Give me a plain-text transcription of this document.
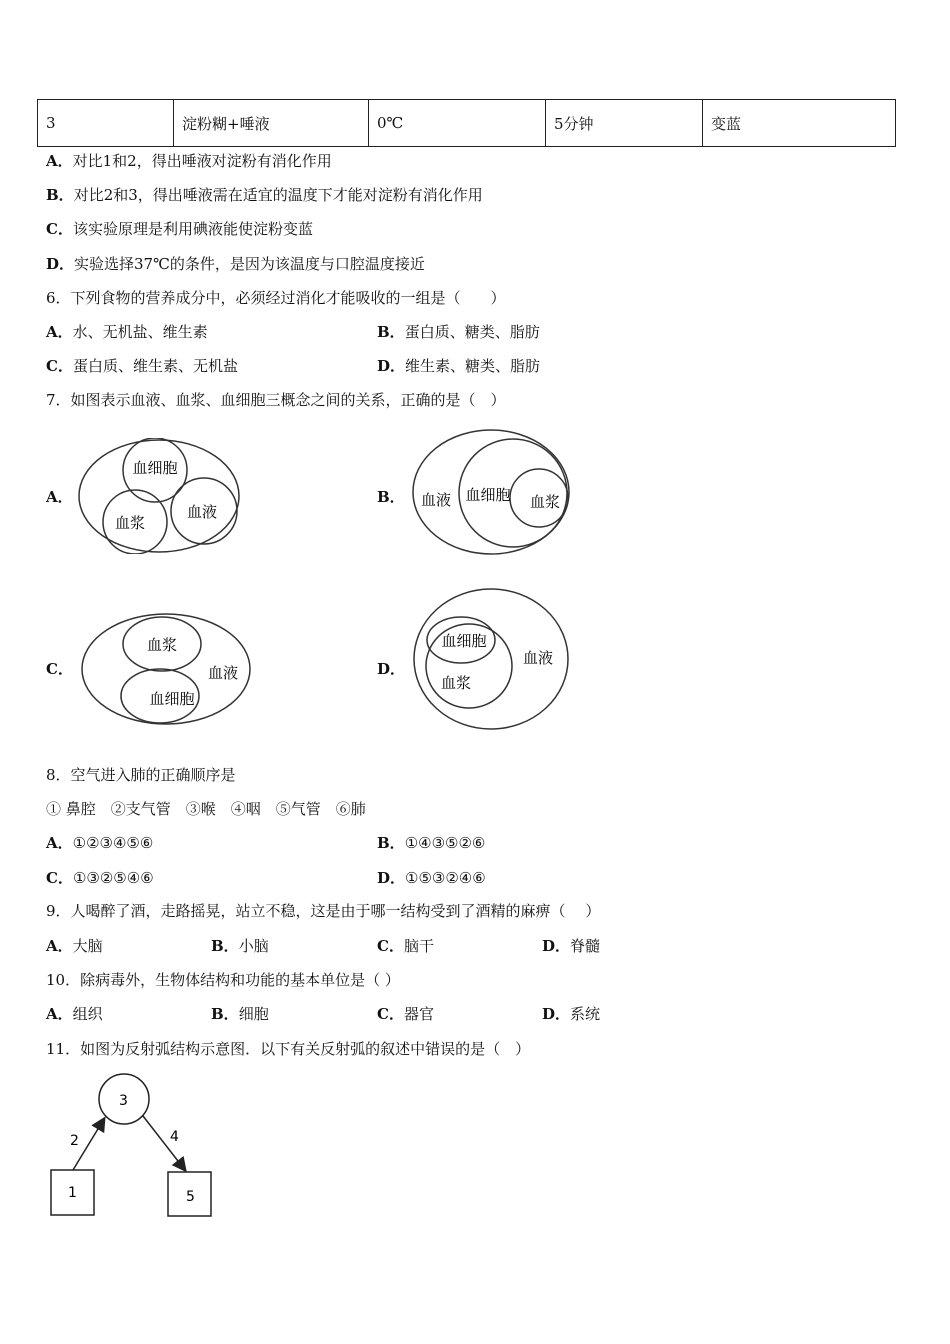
3	淀粉糊+唾液	0℃	5分钟	变蓝
A．对比1和2，得出唾液对淀粉有消化作用
B．对比2和3，得出唾液需在适宜的温度下才能对淀粉有消化作用
C．该实验原理是利用碘液能使淀粉变蓝
D．实验选择37℃的条件，是因为该温度与口腔温度接近
6．下列食物的营养成分中，必须经过消化才能吸收的一组是（　　）
A．水、无机盐、维生素	B．蛋白质、糖类、脂肪
C．蛋白质、维生素、无机盐	D．维生素、糖类、脂肪
7．如图表示血液、血浆、血细胞三概念之间的关系，正确的是（　）
A．
血细胞
血浆
血液
B． 血液 血细胞 血浆
C．
血浆
血细胞
血液	D．
血细胞
血浆
血液
8．空气进入肺的正确顺序是
① 鼻腔　②支气管　③喉　④咽　⑤气管　⑥肺
A．①②③④⑤⑥	B．①④③⑤②⑥
C．①③②⑤④⑥	D．①⑤③②④⑥
9．人喝醉了酒，走路摇晃，站立不稳，这是由于哪一结构受到了酒精的麻痹（　 ）
A．大脑	B．小脑	C．脑干	D．脊髓
10．除病毒外，生物体结构和功能的基本单位是（ ）
A．组织	B．细胞	C．器官	D．系统
11．如图为反射弧结构示意图．以下有关反射弧的叙述中错误的是（　）
3
1	5
2	4
